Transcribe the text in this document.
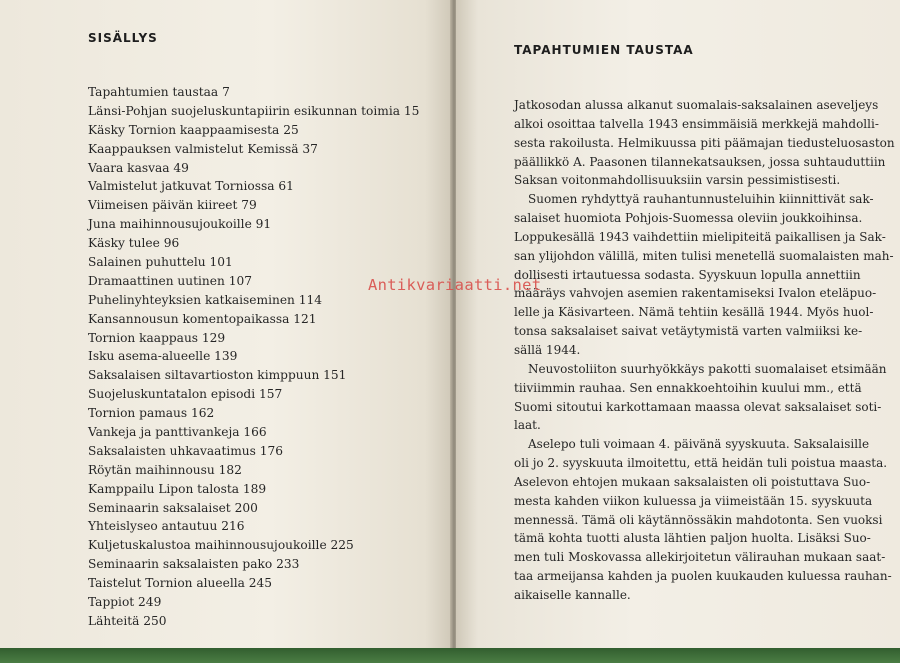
SISÄLLYS
Tapahtumien taustaa 7
Länsi-Pohjan suojeluskuntapiirin esikunnan toimia 15
Käsky Tornion kaappaamisesta 25
Kaappauksen valmistelut Kemissä 37
Vaara kasvaa 49
Valmistelut jatkuvat Torniossa 61
Viimeisen päivän kiireet 79
Juna maihinnousujoukoille 91
Käsky tulee 96
Salainen puhuttelu 101
Dramaattinen uutinen 107
Puhelinyhteyksien katkaiseminen 114
Kansannousun komentopaikassa 121
Tornion kaappaus 129
Isku asema-alueelle 139
Saksalaisen siltavartioston kimppuun 151
Suojeluskuntatalon episodi 157
Tornion pamaus 162
Vankeja ja panttivankeja 166
Saksalaisten uhkavaatimus 176
Röytän maihinnousu 182
Kamppailu Lipon talosta 189
Seminaarin saksalaiset 200
Yhteislyseo antautuu 216
Kuljetuskalustoa maihinnousujoukoille 225
Seminaarin saksalaisten pako 233
Taistelut Tornion alueella 245
Tappiot 249
Lähteitä 250
TAPAHTUMIEN TAUSTAA

Jatkosodan alussa alkanut suomalais-saksalainen aseveljeys
alkoi osoittaa talvella 1943 ensimmäisiä merkkejä mahdolli-
sesta rakoilusta. Helmikuussa piti päämajan tiedusteluosaston
päällikkö A. Paasonen tilannekatsauksen, jossa suhtauduttiin
Saksan voitonmahdollisuuksiin varsin pessimistisesti.

Suomen ryhdyttyä rauhantunnusteluihin kiinnittivät sak-
salaiset huomiota Pohjois-Suomessa oleviin joukkoihinsa.
Loppukesällä 1943 vaihdettiin mielipiteitä paikallisen ja Sak-
san ylijohdon välillä, miten tulisi menetellä suomalaisten mah-
dollisesti irtautuessa sodasta. Syyskuun lopulla annettiin
määräys vahvojen asemien rakentamiseksi Ivalon eteläpuo-
lelle ja Käsivarteen. Nämä tehtiin kesällä 1944. Myös huol-
tonsa saksalaiset saivat vetäytymistä varten valmiiksi ke-
sällä 1944.

Neuvostoliiton suurhyökkäys pakotti suomalaiset etsimään
tiiviimmin rauhaa. Sen ennakkoehtoihin kuului mm., että
Suomi sitoutui karkottamaan maassa olevat saksalaiset soti-
laat.

Aselepo tuli voimaan 4. päivänä syyskuuta. Saksalaisille
oli jo 2. syyskuuta ilmoitettu, että heidän tuli poistua maasta.
Aselevon ehtojen mukaan saksalaisten oli poistuttava Suo-
mesta kahden viikon kuluessa ja viimeistään 15. syyskuuta
mennessä. Tämä oli käytännössäkin mahdotonta. Sen vuoksi
tämä kohta tuotti alusta lähtien paljon huolta. Lisäksi Suo-
men tuli Moskovassa allekirjoitetun välirauhan mukaan saat-
taa armeijansa kahden ja puolen kuukauden kuluessa rauhan-
aikaiselle kannalle.

Antikvariaatti.net
